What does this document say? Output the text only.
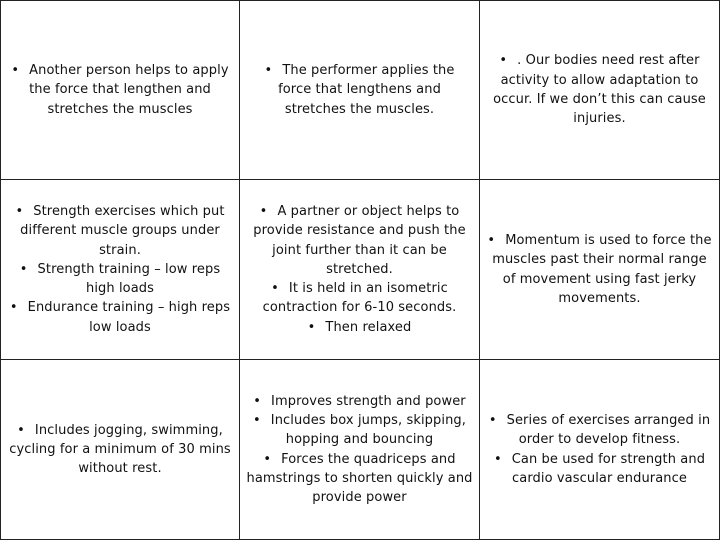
• Another person helps to apply the force that lengthen and stretches the muscles
• The performer applies the force that lengthens and stretches the muscles.
• . Our bodies need rest after activity to allow adaptation to occur. If we don’t this can cause injuries.
• Strength exercises which put different muscle groups under strain.
• Strength training – low reps high loads
• Endurance training – high reps low loads
• A partner or object helps to provide resistance and push the joint further than it can be stretched.
• It is held in an isometric contraction for 6-10 seconds.
• Then relaxed
• Momentum is used to force the muscles past their normal range of movement using fast jerky movements.
• Includes jogging, swimming, cycling for a minimum of 30 mins without rest.
• Improves strength and power
• Includes box jumps, skipping, hopping and bouncing
• Forces the quadriceps and hamstrings to shorten quickly and provide power
• Series of exercises arranged in order to develop fitness.
• Can be used for strength and cardio vascular endurance
